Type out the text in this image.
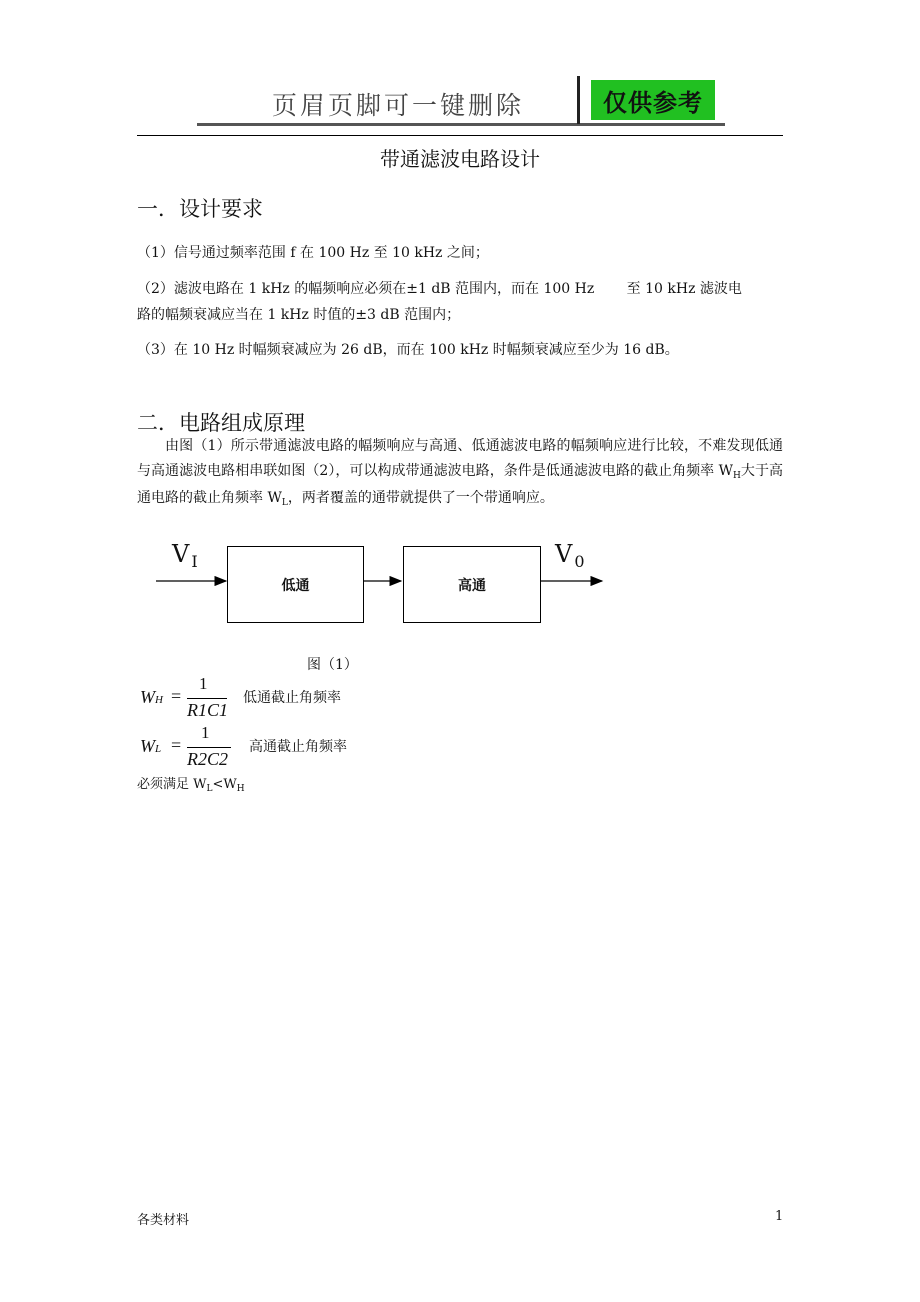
页眉页脚可一键删除	仅供参考
带通滤波电路设计
一．设计要求
（1）信号通过频率范围 f 在 100 Hz 至 10 kHz 之间；
（2）滤波电路在 1 kHz 的幅频响应必须在±1 dB 范围内，而在 100 Hz　　 至 10 kHz 滤波电
路的幅频衰减应当在 1 kHz 时值的±3 dB 范围内；
（3）在 10 Hz 时幅频衰减应为 26 dB，而在 100 kHz 时幅频衰减应至少为 16 dB。
二．电路组成原理
由图（1）所示带通滤波电路的幅频响应与高通、低通滤波电路的幅频响应进行比较，不难发现低通与高通滤波电路相串联如图（2），可以构成带通滤波电路，条件是低通滤波电路的截止角频率 $W_H$大于高通电路的截止角频率 $W_L$，两者覆盖的通带就提供了一个带通响应。
V I	V 0
低通	高通
图（1）
WH =
1
R1C1
低通截止角频率
WL =
1
R2C2
高通截止角频率
必须满足 $W_L<W_H$
各类材料	1
